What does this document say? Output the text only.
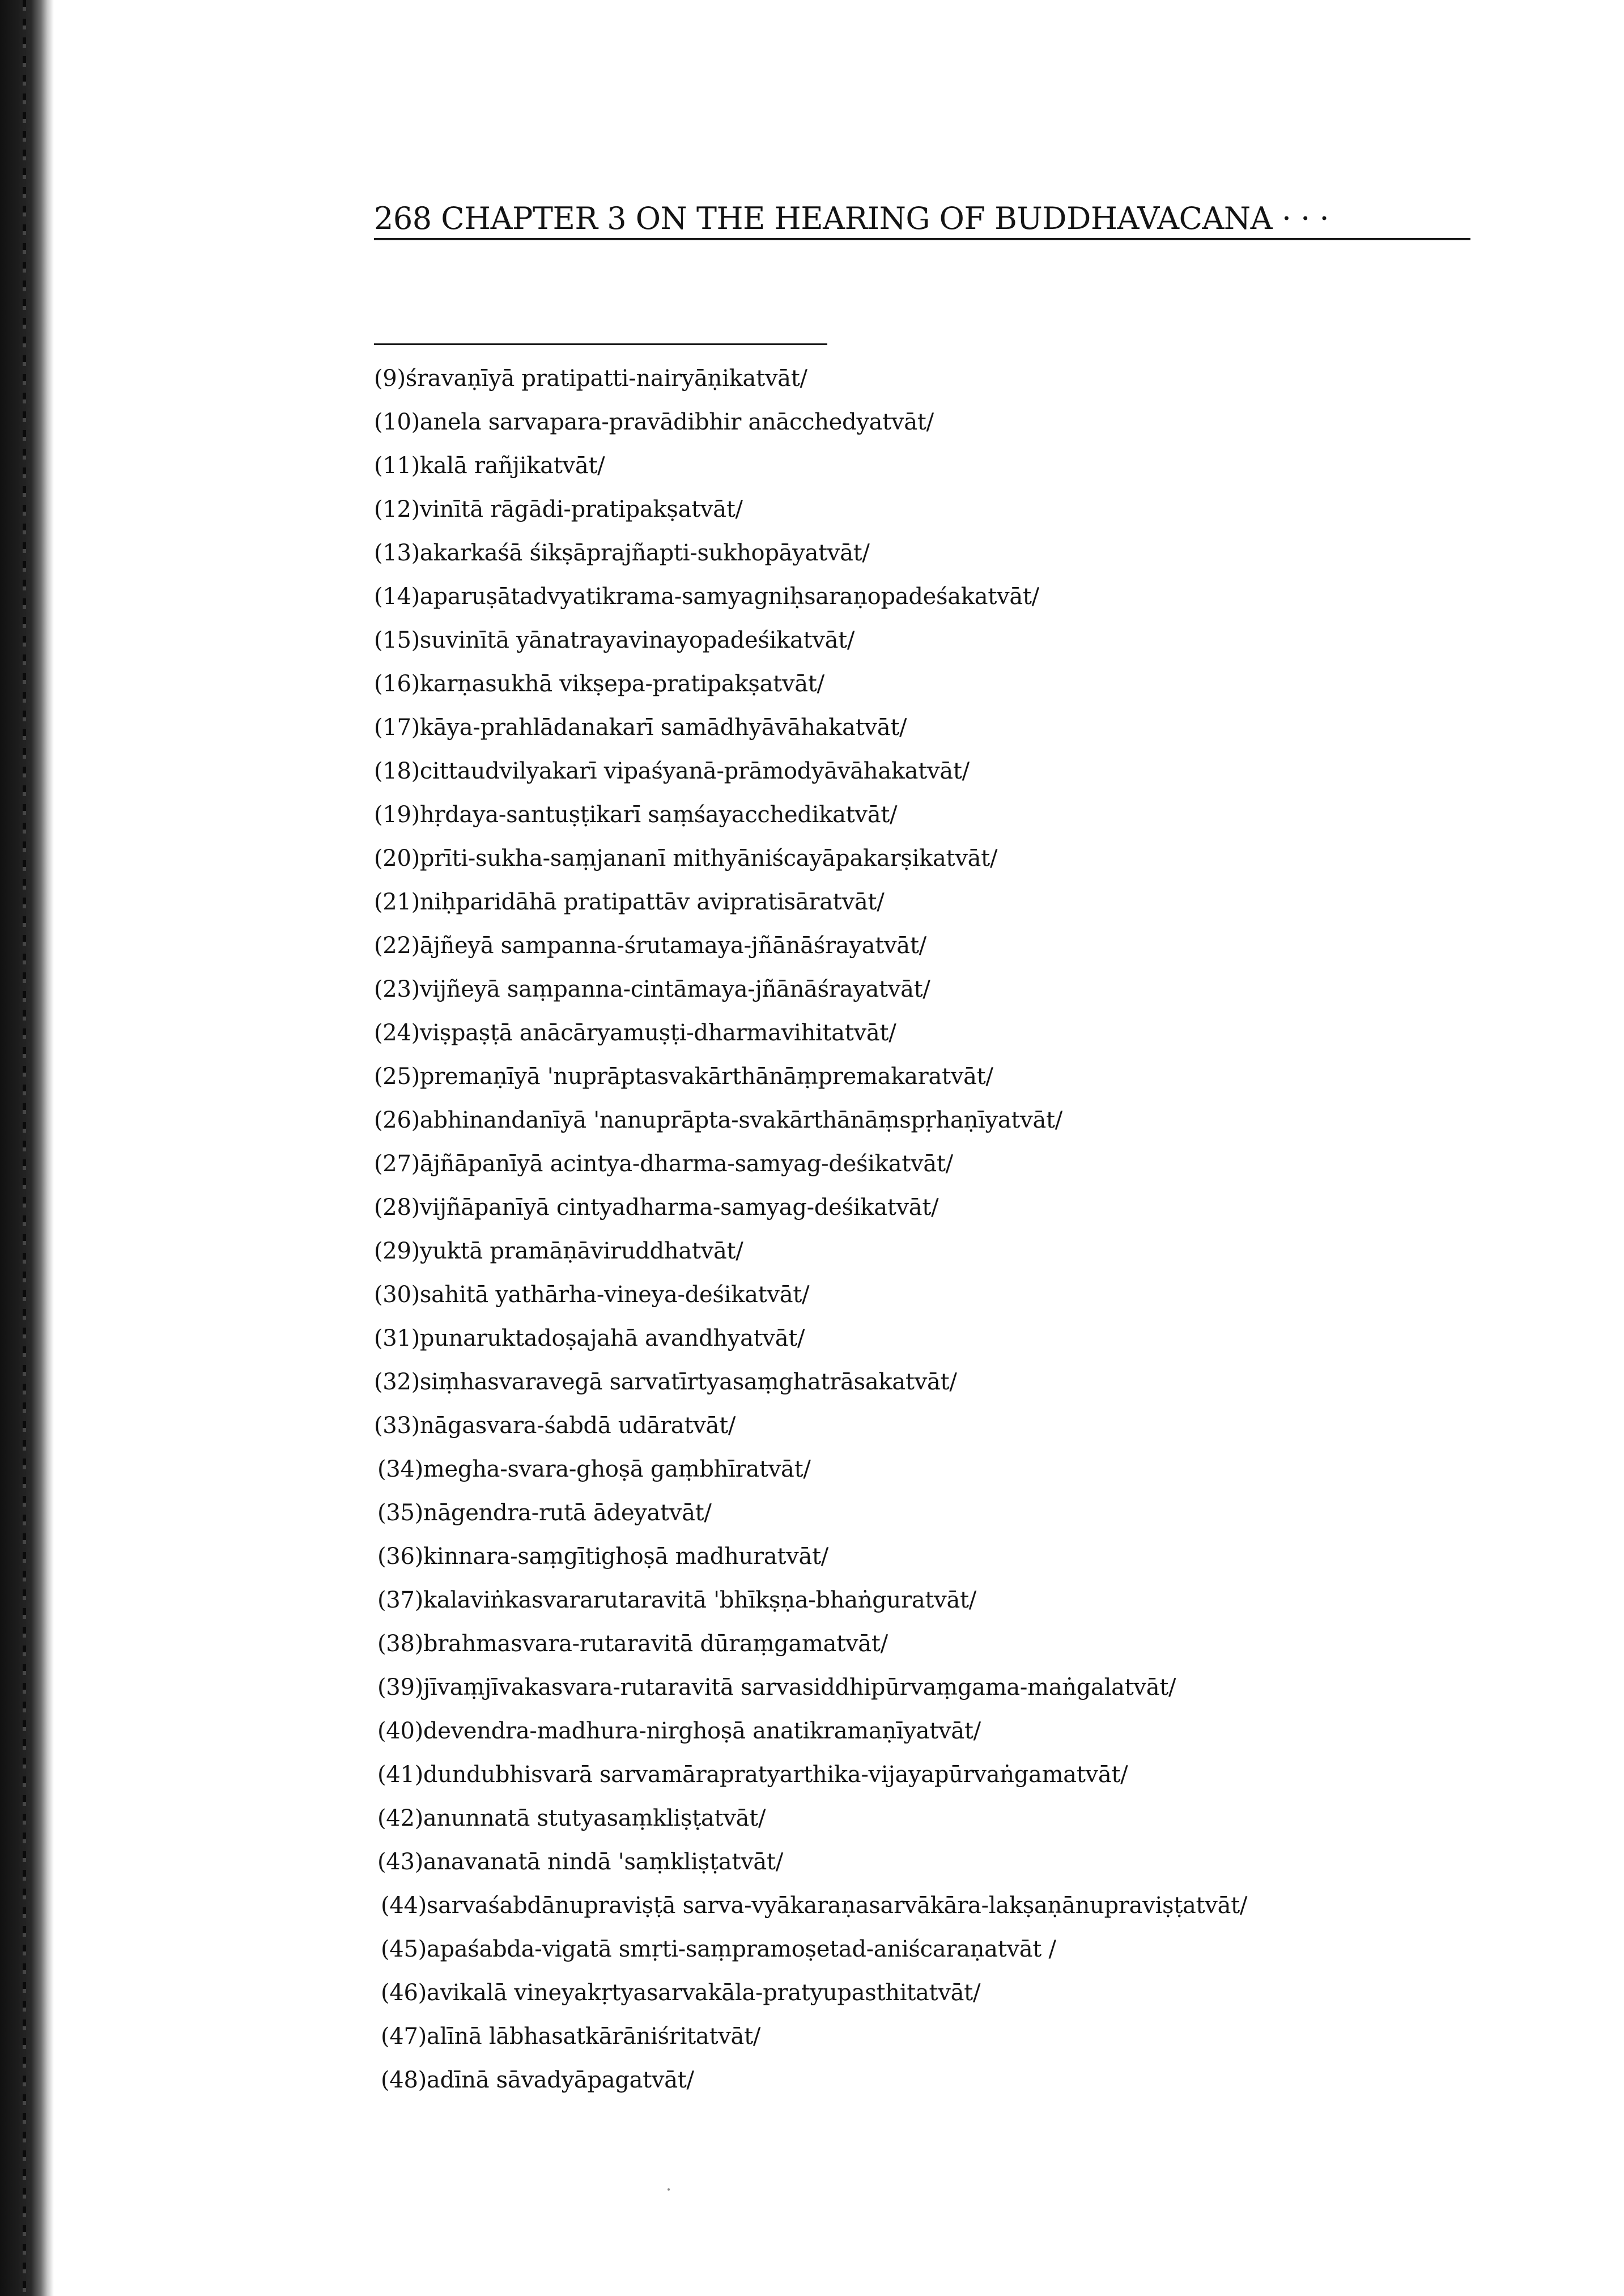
268 CHAPTER 3 ON THE HEARING OF BUDDHAVACANA · · ·
(9)śravaṇīyā pratipatti-nairyāṇikatvāt/
(10)anela sarvapara-pravādibhir anācchedyatvāt/
(11)kalā rañjikatvāt/
(12)vinītā rāgādi-pratipakṣatvāt/
(13)akarkaśā śikṣāprajñapti-sukhopāyatvāt/
(14)aparuṣātadvyatikrama-samyagniḥsaraṇopadeśakatvāt/
(15)suvinītā yānatrayavinayopadeśikatvāt/
(16)karṇasukhā vikṣepa-pratipakṣatvāt/
(17)kāya-prahlādanakarī samādhyāvāhakatvāt/
(18)cittaudvilyakarī vipaśyanā-prāmodyāvāhakatvāt/
(19)hṛdaya-santuṣṭikarī saṃśayacchedikatvāt/
(20)prīti-sukha-saṃjananī mithyāniścayāpakarṣikatvāt/
(21)niḥparidāhā pratipattāv avipratisāratvāt/
(22)ājñeyā sampanna-śrutamaya-jñānāśrayatvāt/
(23)vijñeyā saṃpanna-cintāmaya-jñānāśrayatvāt/
(24)viṣpaṣṭā anācāryamuṣṭi-dharmavihitatvāt/
(25)premaṇīyā 'nuprāptasvakārthānāṃpremakaratvāt/
(26)abhinandanīyā 'nanuprāpta-svakārthānāṃspṛhaṇīyatvāt/
(27)ājñāpanīyā acintya-dharma-samyag-deśikatvāt/
(28)vijñāpanīyā cintyadharma-samyag-deśikatvāt/
(29)yuktā pramāṇāviruddhatvāt/
(30)sahitā yathārha-vineya-deśikatvāt/
(31)punaruktadoṣajahā avandhyatvāt/
(32)siṃhasvaravegā sarvatīrtyasaṃghatrāsakatvāt/
(33)nāgasvara-śabdā udāratvāt/
(34)megha-svara-ghoṣā gaṃbhīratvāt/
(35)nāgendra-rutā ādeyatvāt/
(36)kinnara-saṃgītighoṣā madhuratvāt/
(37)kalaviṅkasvararutaravitā 'bhīkṣṇa-bhaṅguratvāt/
(38)brahmasvara-rutaravitā dūraṃgamatvāt/
(39)jīvaṃjīvakasvara-rutaravitā sarvasiddhipūrvaṃgama-maṅgalatvāt/
(40)devendra-madhura-nirghoṣā anatikramaṇīyatvāt/
(41)dundubhisvarā sarvamārapratyarthika-vijayapūrvaṅgamatvāt/
(42)anunnatā stutyasaṃkliṣṭatvāt/
(43)anavanatā nindā 'saṃkliṣṭatvāt/
(44)sarvaśabdānupraviṣṭā sarva-vyākaraṇasarvākāra-lakṣaṇānupraviṣṭatvāt/
(45)apaśabda-vigatā smṛti-saṃpramoṣetad-aniścaraṇatvāt /
(46)avikalā vineyakṛtyasarvakāla-pratyupasthitatvāt/
(47)alīnā lābhasatkārāniśritatvāt/
(48)adīnā sāvadyāpagatvāt/
